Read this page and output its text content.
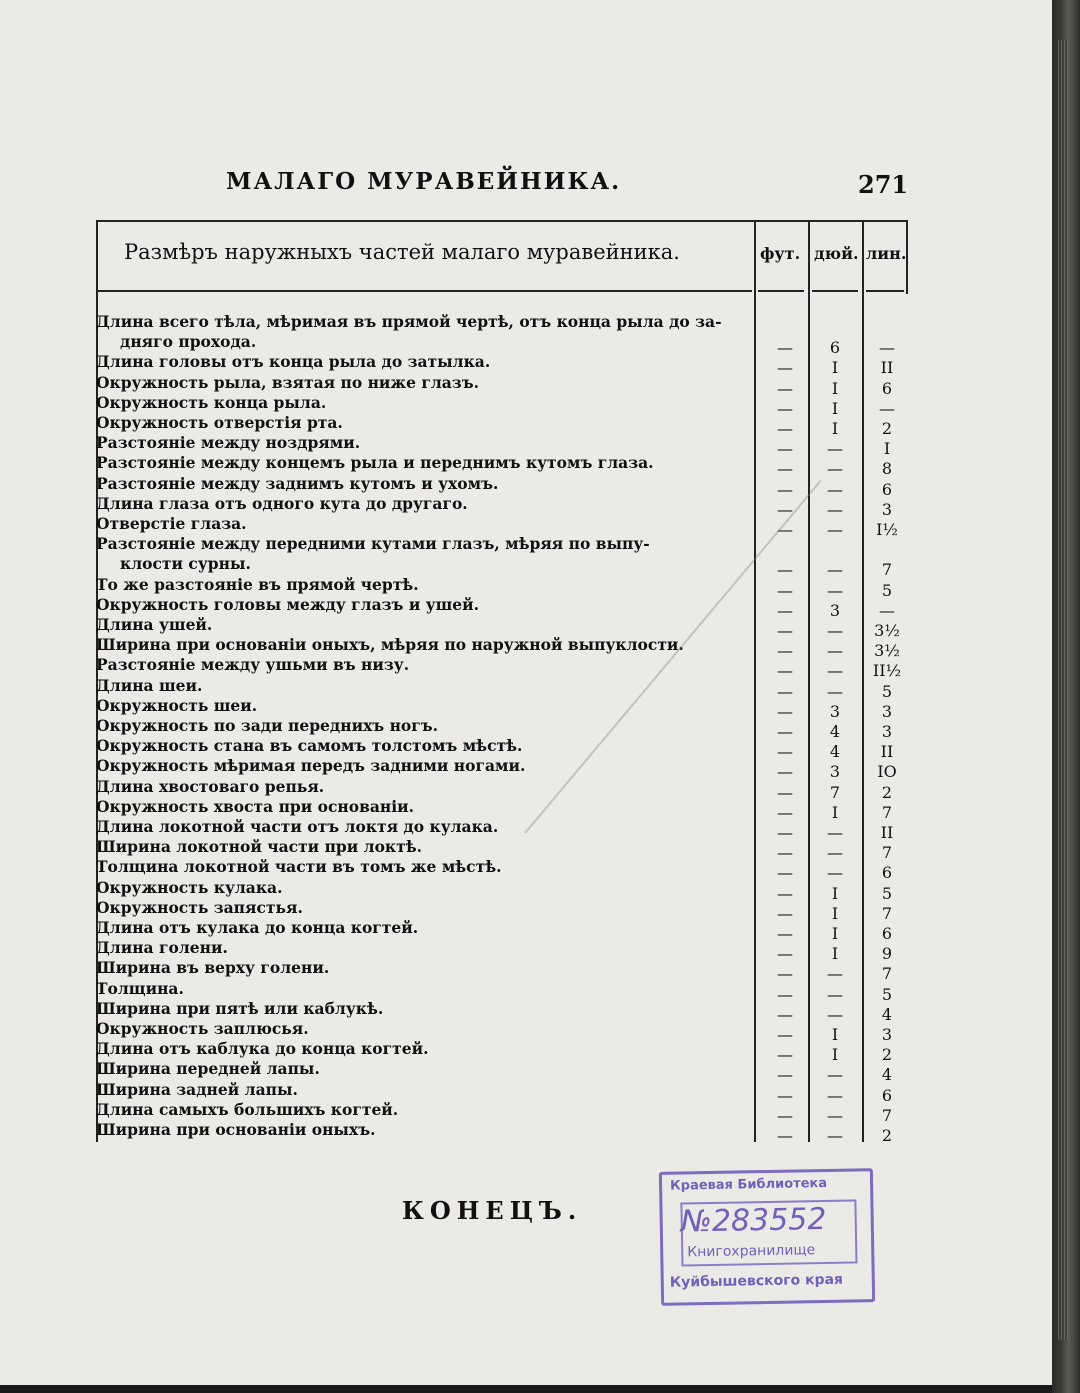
МАЛАГО МУРАВЕЙНИКА.	271
Размѣръ наружныхъ частей малаго муравейника.	фут. дюй. лин.
Длина всего тѣла, мѣримая въ прямой чертѣ, отъ конца рыла до за-
дняго прохода.	—	6	—
Длина головы отъ конца рыла до затылка.	—	I	II
Окружность рыла, взятая по ниже глазъ.	—	I	6
Окружность конца рыла.	—	I	—
Окружность отверстія рта.	—	I	2
Разстояніе между ноздрями.	—	—	I
Разстояніе между концемъ рыла и переднимъ кутомъ глаза.	—	—	8
Разстояніе между заднимъ кутомъ и ухомъ.	—	—	6
Длина глаза отъ одного кута до другаго.	—	—	3
Отверстіе глаза.	—	—	I½
Разстояніе между передними кутами глазъ, мѣряя по выпу-
клости сурны.	—	—	7
То же разстояніе въ прямой чертѣ.	—	—	5
Окружность головы между глазъ и ушей.	—	3	—
Длина ушей.	—	—	3½
Ширина при основаніи оныхъ, мѣряя по наружной выпуклости.	—	—	3½
Разстояніе между ушьми въ низу.	—	—	II½
Длина шеи.	—	—	5
Окружность шеи.	—	3	3
Окружность по зади переднихъ ногъ.	—	4	3
Окружность стана въ самомъ толстомъ мѣстѣ.	—	4	II
Окружность мѣримая передъ задними ногами.	—	3	IO
Длина хвостоваго репья.	—	7	2
Окружность хвоста при основаніи.	—	I	7
Длина локотной части отъ локтя до кулака.	—	—	II
Ширина локотной части при локтѣ.	—	—	7
Толщина локотной части въ томъ же мѣстѣ.	—	—	6
Окружность кулака.	—	I	5
Окружность запястья.	—	I	7
Длина отъ кулака до конца когтей.	—	I	6
Длина голени.	—	I	9
Ширина въ верху голени.	—	—	7
Толщина.	—	—	5
Ширина при пятѣ или каблукѣ.	—	—	4
Окружность заплюсья.	—	I	3
Длина отъ каблука до конца когтей.	—	I	2
Ширина передней лапы.	—	—	4
Ширина задней лапы.	—	—	6
Длина самыхъ большихъ когтей.	—	—	7
Ширина при основаніи оныхъ.	—	—	2
КОНЕЦЪ.
Краевая Библиотека
№283552
Книгохранилище
Куйбышевского края
